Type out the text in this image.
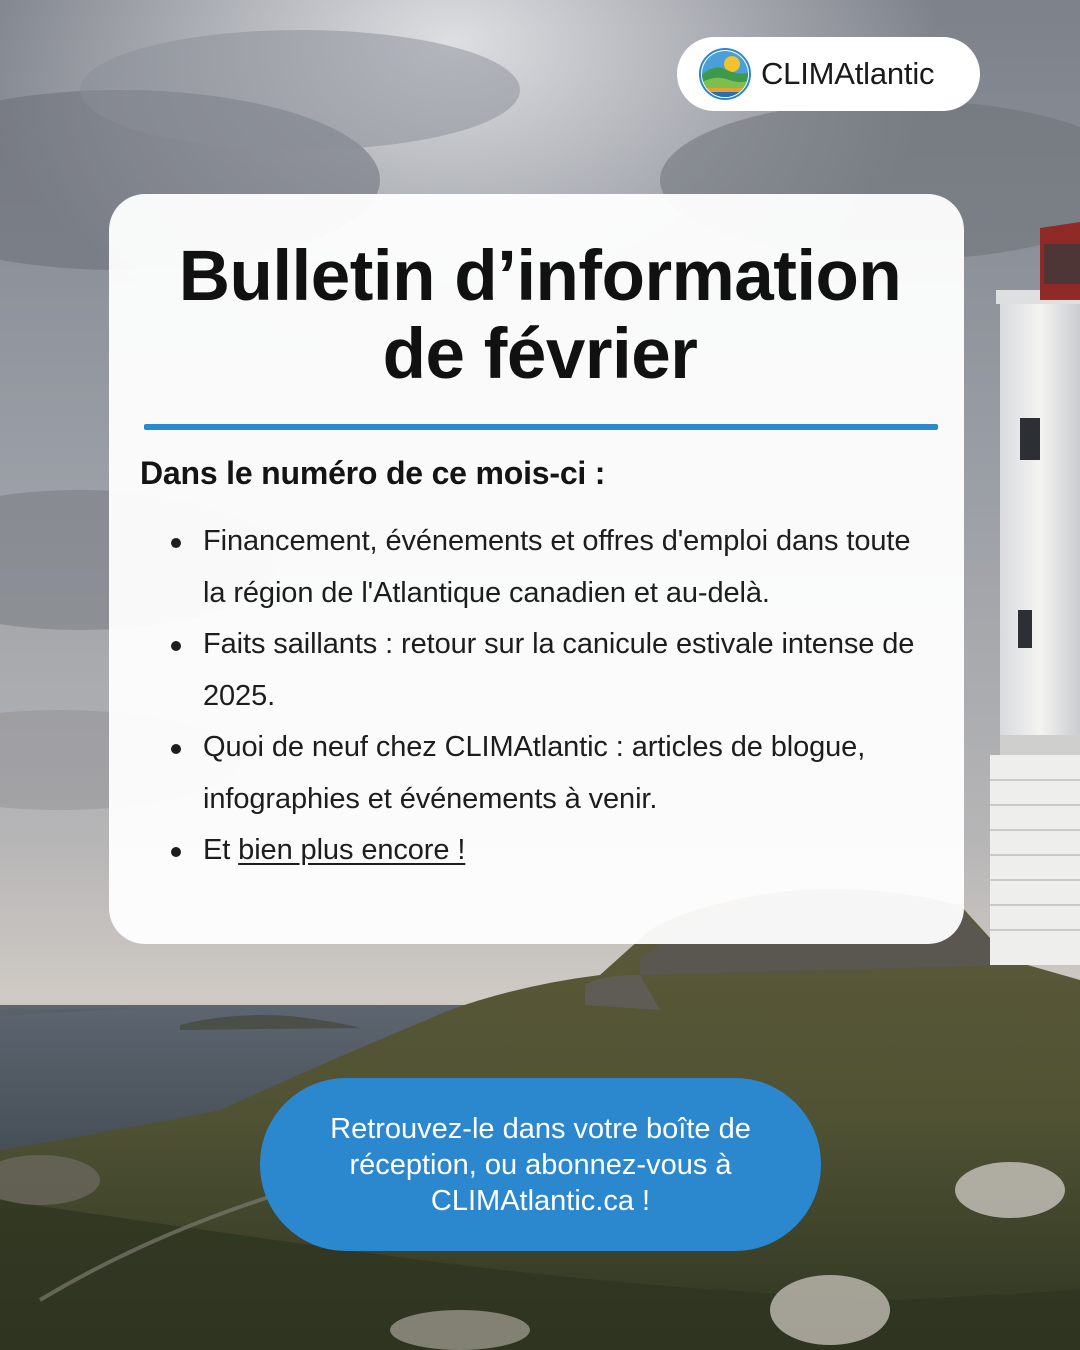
CLIMAtlantic
Bulletin d’information
de février
Dans le numéro de ce mois-ci :
Financement, événements et offres d'emploi dans toute la région de l'Atlantique canadien et au-delà.
Faits saillants : retour sur la canicule estivale intense de 2025.
Quoi de neuf chez CLIMAtlantic : articles de blogue, infographies et événements à venir.
Et bien plus encore !
Retrouvez-le dans votre boîte de réception, ou abonnez-vous à CLIMAtlantic.ca !
